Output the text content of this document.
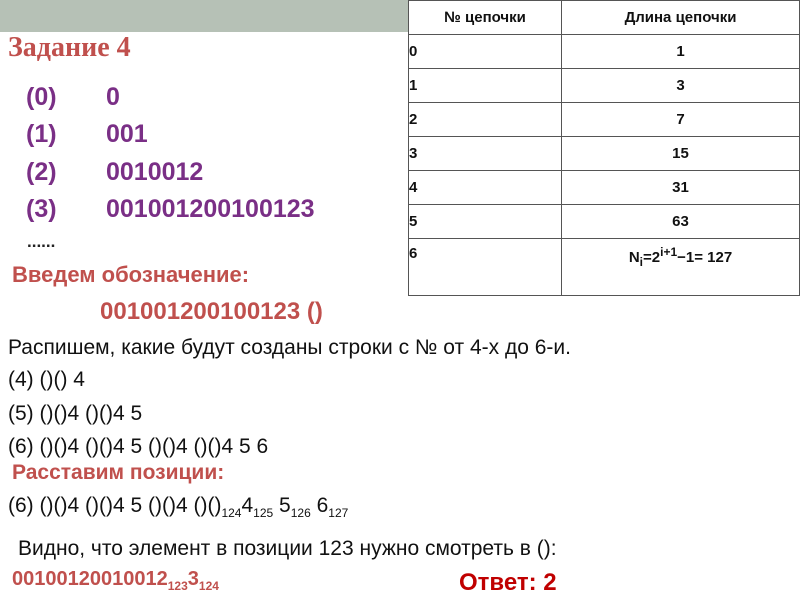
Задание 4
(0) 0
(1) 001
(2) 0010012
(3) 001001200100123
......
Введем обозначение:
001001200100123 ()
№ цепочки	Длина цепочки
0	1
1	3
2	7
3	15
4	31
5	63
6	$N_i=2^{i+1}-1= 127$
Распишем, какие будут созданы строки с № от 4-х до 6-и.
(4) ()() 4
(5) ()()4 ()()4 5
(6) ()()4 ()()4 5 ()()4 ()()4 5 6
Расставим позиции:
(6) ()()4 ()()4 5 ()()4 $()()_{124}4_{125}$ $5_{126}$ $6_{127}$
Видно, что элемент в позиции 123 нужно смотреть в ():
$00100120010012_{123}3_{124}$	Ответ: 2
